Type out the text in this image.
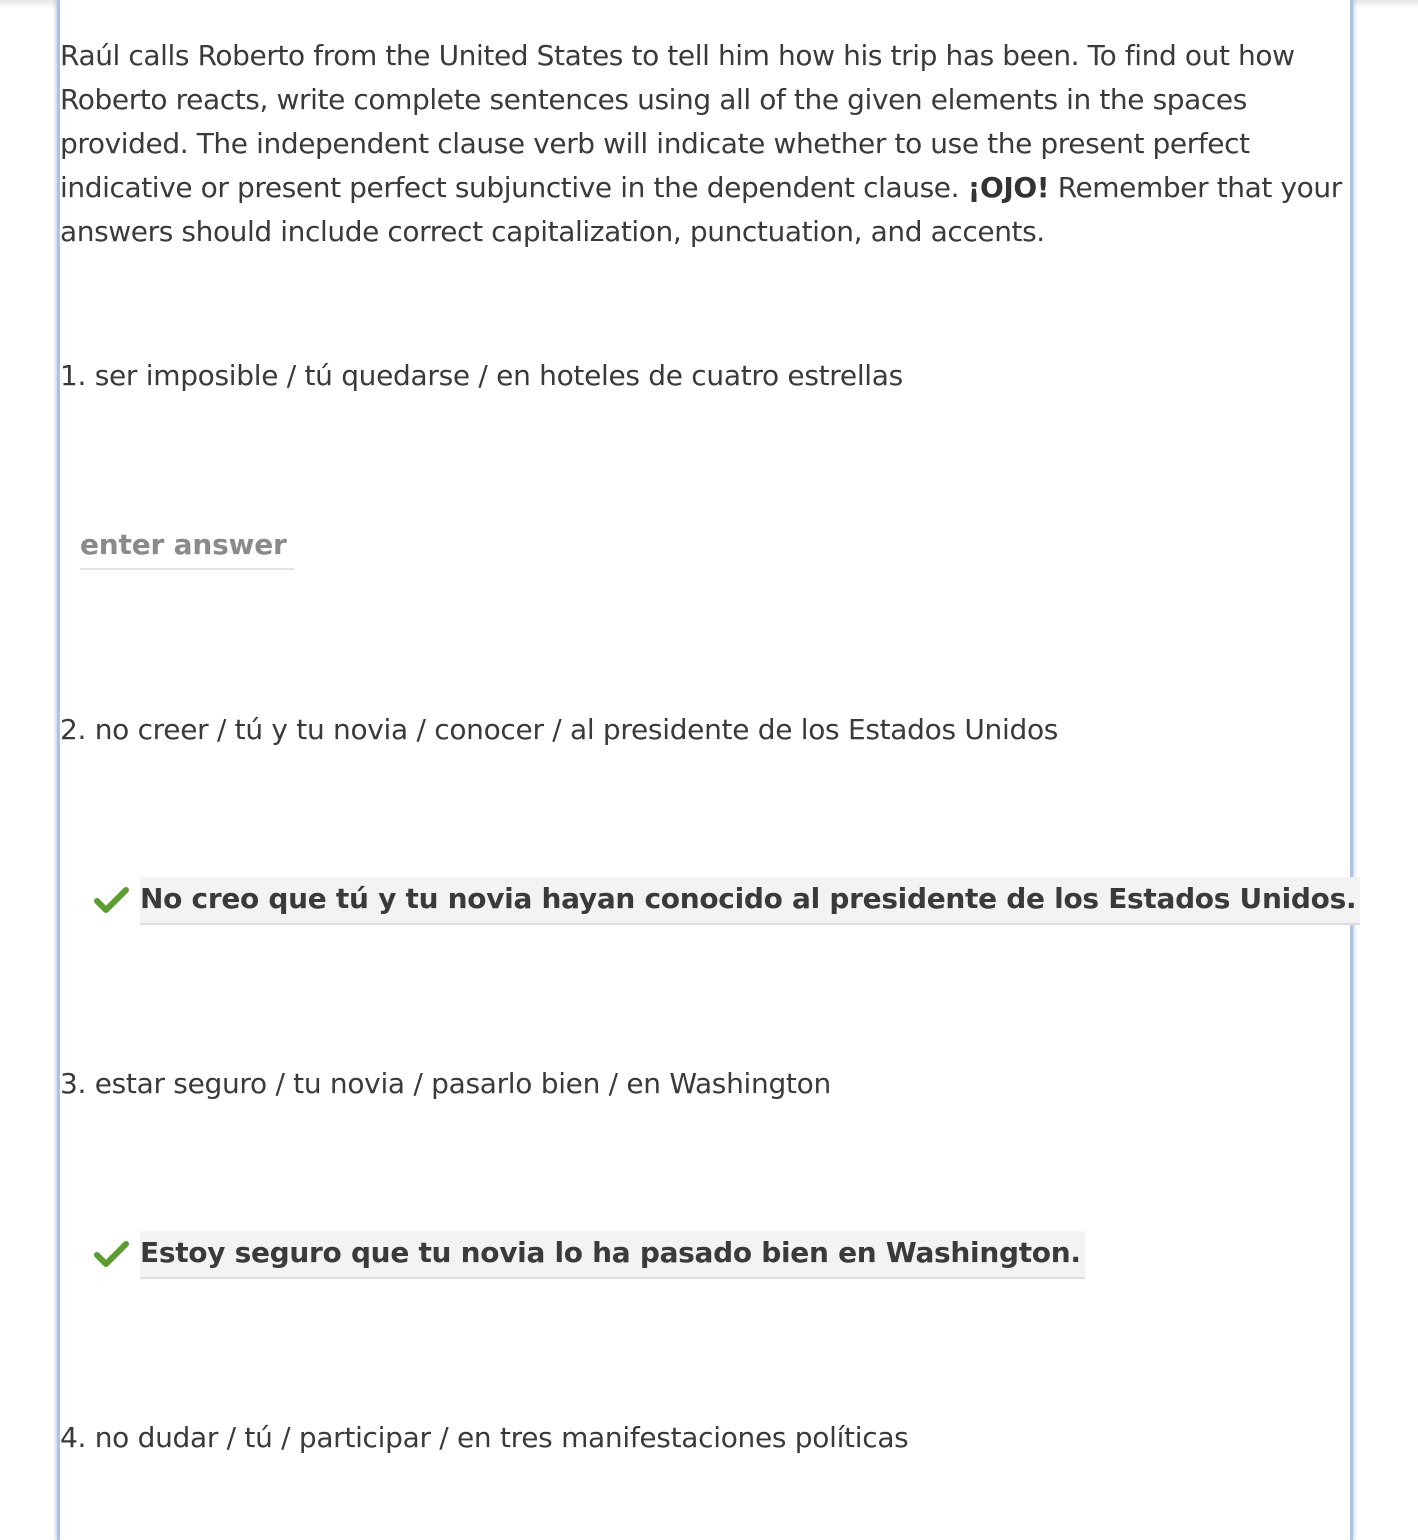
Raúl calls Roberto from the United States to tell him how his trip has been. To find out how Roberto reacts, write complete sentences using all of the given elements in the spaces provided. The independent clause verb will indicate whether to use the present perfect indicative or present perfect subjunctive in the dependent clause. ¡OJO! Remember that your answers should include correct capitalization, punctuation, and accents.

1. ser imposible / tú quedarse / en hoteles de cuatro estrellas
enter answer
2. no creer / tú y tu novia / conocer / al presidente de los Estados Unidos
No creo que tú y tu novia hayan conocido al presidente de los Estados Unidos.
3. estar seguro / tu novia / pasarlo bien / en Washington
Estoy seguro que tu novia lo ha pasado bien en Washington.
4. no dudar / tú / participar / en tres manifestaciones políticas
